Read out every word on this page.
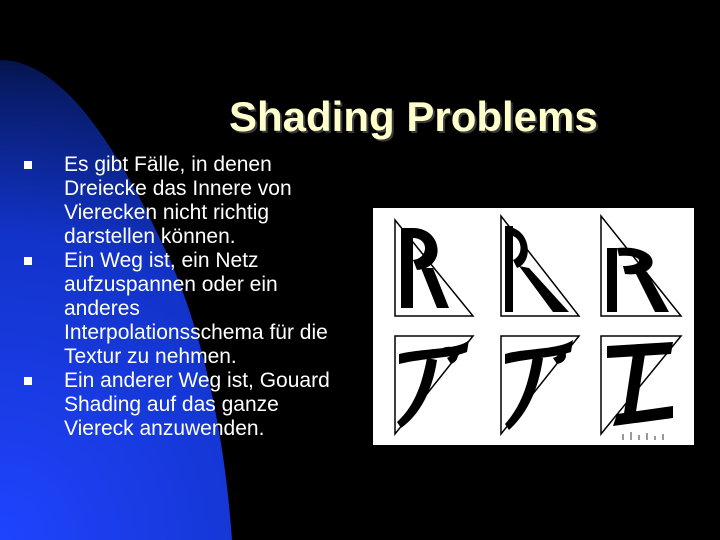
Shading Problems
Es gibt Fälle, in denen
Dreiecke das Innere von
Vierecken nicht richtig
darstellen können.
Ein Weg ist, ein Netz
aufzuspannen oder ein
anderes
Interpolationsschema für die
Textur zu nehmen.
Ein anderer Weg ist, Gouard
Shading auf das ganze
Viereck anzuwenden.
